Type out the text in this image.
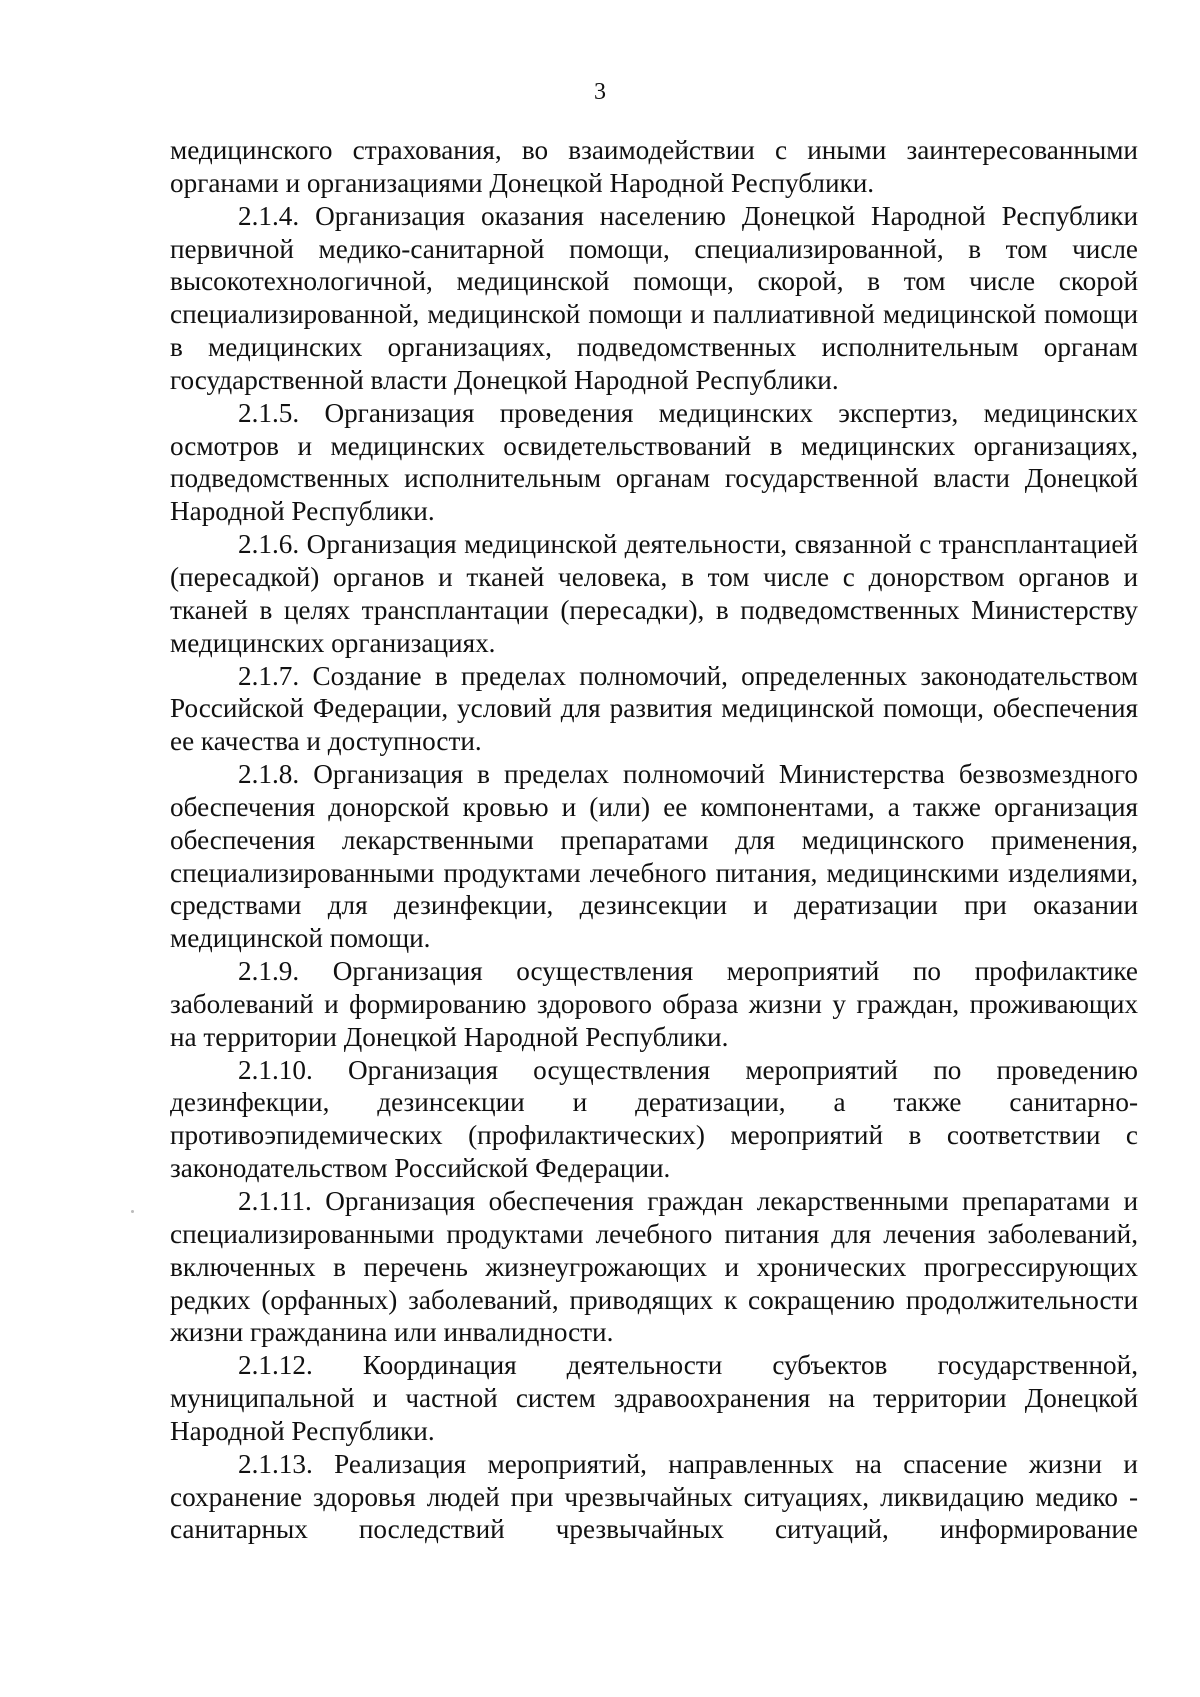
3

медицинского страхования, во взаимодействии с иными заинтересованными органами и организациями Донецкой Народной Республики.

2.1.4. Организация оказания населению Донецкой Народной Республики первичной медико-санитарной помощи, специализированной, в том числе высокотехнологичной, медицинской помощи, скорой, в том числе скорой специализированной, медицинской помощи и паллиативной медицинской помощи в медицинских организациях, подведомственных исполнительным органам государственной власти Донецкой Народной Республики.

2.1.5. Организация проведения медицинских экспертиз, медицинских осмотров и медицинских освидетельствований в медицинских организациях, подведомственных исполнительным органам государственной власти Донецкой Народной Республики.

2.1.6. Организация медицинской деятельности, связанной с трансплантацией (пересадкой) органов и тканей человека, в том числе с донорством органов и тканей в целях трансплантации (пересадки), в подведомственных Министерству медицинских организациях.

2.1.7. Создание в пределах полномочий, определенных законодательством Российской Федерации, условий для развития медицинской помощи, обеспечения ее качества и доступности.

2.1.8. Организация в пределах полномочий Министерства безвозмездного обеспечения донорской кровью и (или) ее компонентами, а также организация обеспечения лекарственными препаратами для медицинского применения, специализированными продуктами лечебного питания, медицинскими изделиями, средствами для дезинфекции, дезинсекции и дератизации при оказании медицинской помощи.

2.1.9. Организация осуществления мероприятий по профилактике заболеваний и формированию здорового образа жизни у граждан, проживающих на территории Донецкой Народной Республики.

2.1.10. Организация осуществления мероприятий по проведению дезинфекции, дезинсекции и дератизации, а также санитарно-противоэпидемических (профилактических) мероприятий в соответствии с законодательством Российской Федерации.

2.1.11. Организация обеспечения граждан лекарственными препаратами и специализированными продуктами лечебного питания для лечения заболеваний, включенных в перечень жизнеугрожающих и хронических прогрессирующих редких (орфанных) заболеваний, приводящих к сокращению продолжительности жизни гражданина или инвалидности.

2.1.12. Координация деятельности субъектов государственной, муниципальной и частной систем здравоохранения на территории Донецкой Народной Республики.

2.1.13. Реализация мероприятий, направленных на спасение жизни и сохранение здоровья людей при чрезвычайных ситуациях, ликвидацию медико - санитарных последствий чрезвычайных ситуаций, информирование
